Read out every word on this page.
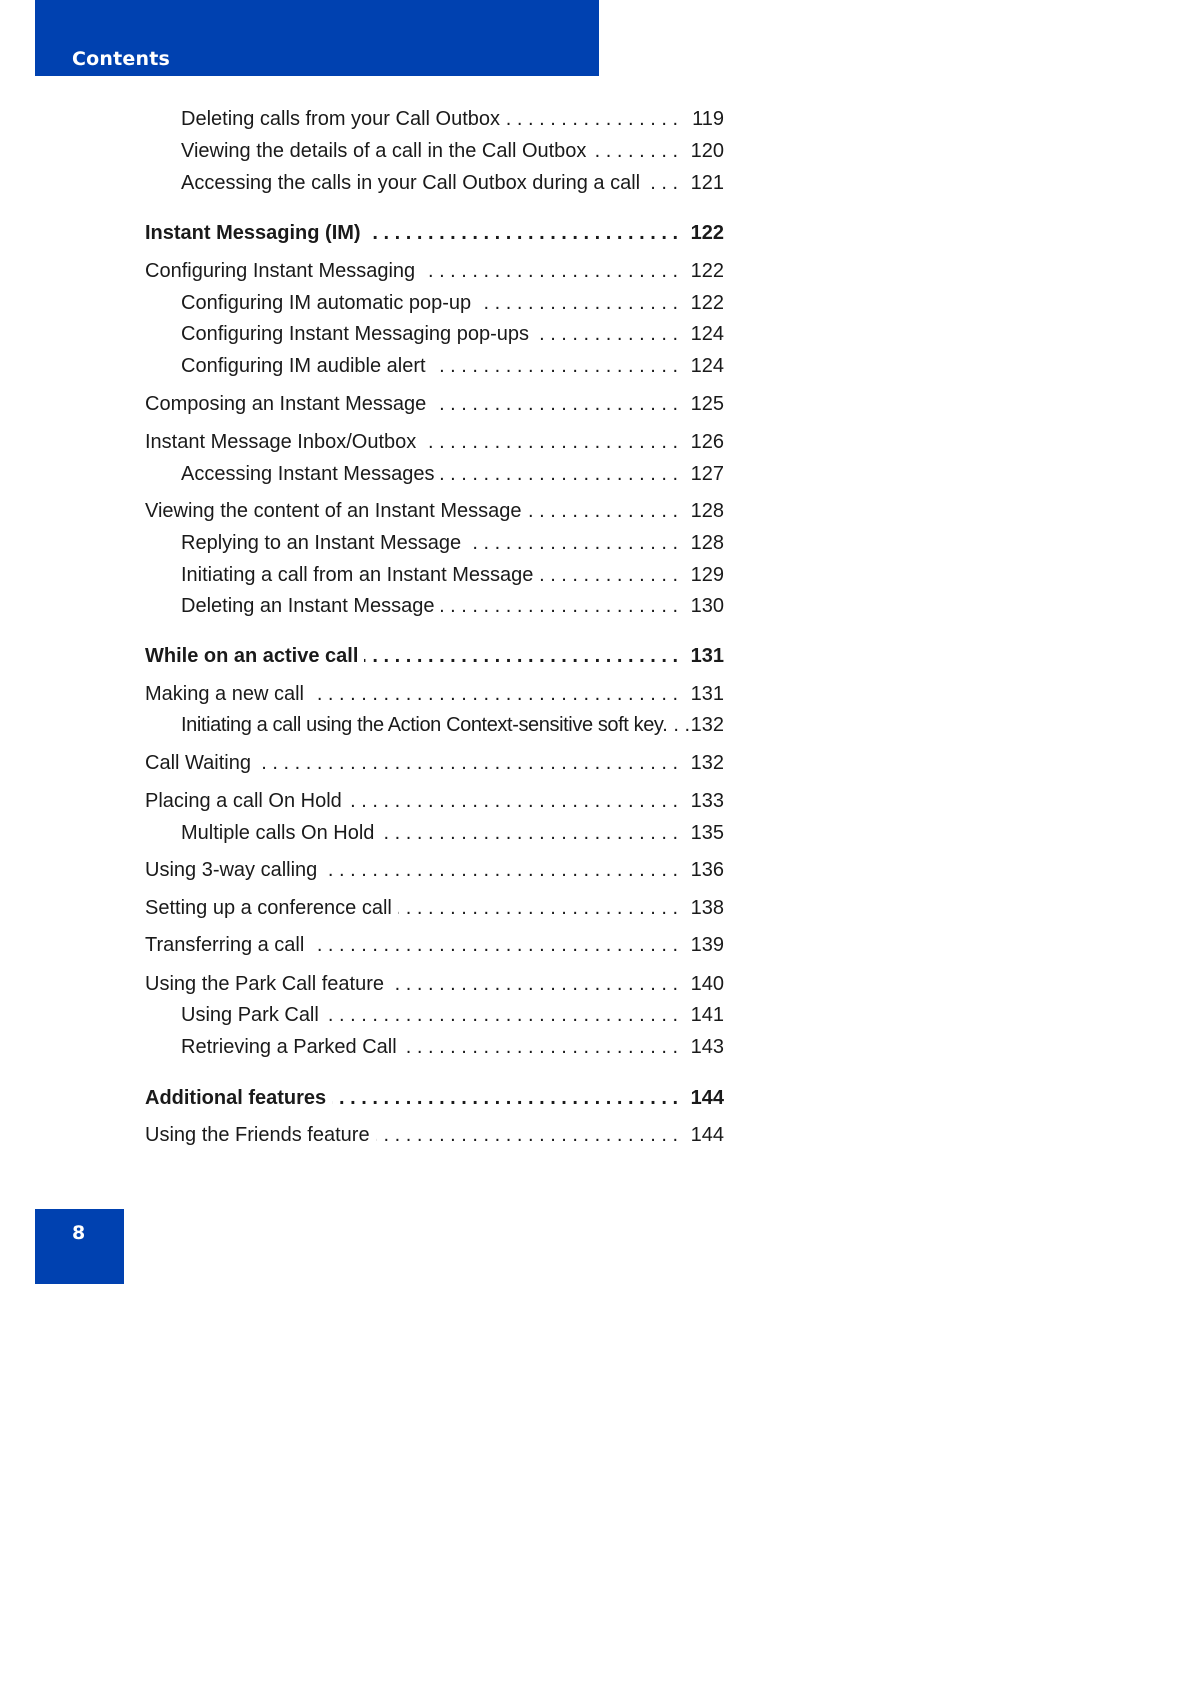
Contents
Deleting calls from your Call Outbox . . .	119
Viewing the details of a call in the Call Outbox . . .	120
Accessing the calls in your Call Outbox during a call . . .	121
Instant Messaging (IM) . . .	122
Configuring Instant Messaging . . .	122
Configuring IM automatic pop-up . . .	122
Configuring Instant Messaging pop-ups . . .	124
Configuring IM audible alert . . .	124
Composing an Instant Message . . .	125
Instant Message Inbox/Outbox . . .	126
Accessing Instant Messages . . .	127
Viewing the content of an Instant Message . . .	128
Replying to an Instant Message . . .	128
Initiating a call from an Instant Message . . .	129
Deleting an Instant Message . . .	130
While on an active call . . .	131
Making a new call . . .	131
Initiating a call using the Action Context-sensitive soft key . . . 132
Call Waiting . . .	132
Placing a call On Hold . . .	133
Multiple calls On Hold . . .	135
Using 3-way calling . . .	136
Setting up a conference call . . .	138
Transferring a call . . .	139
Using the Park Call feature . . .	140
Using Park Call . . .	141
Retrieving a Parked Call . . .	143
Additional features . . .	144
Using the Friends feature . . .	144
8
